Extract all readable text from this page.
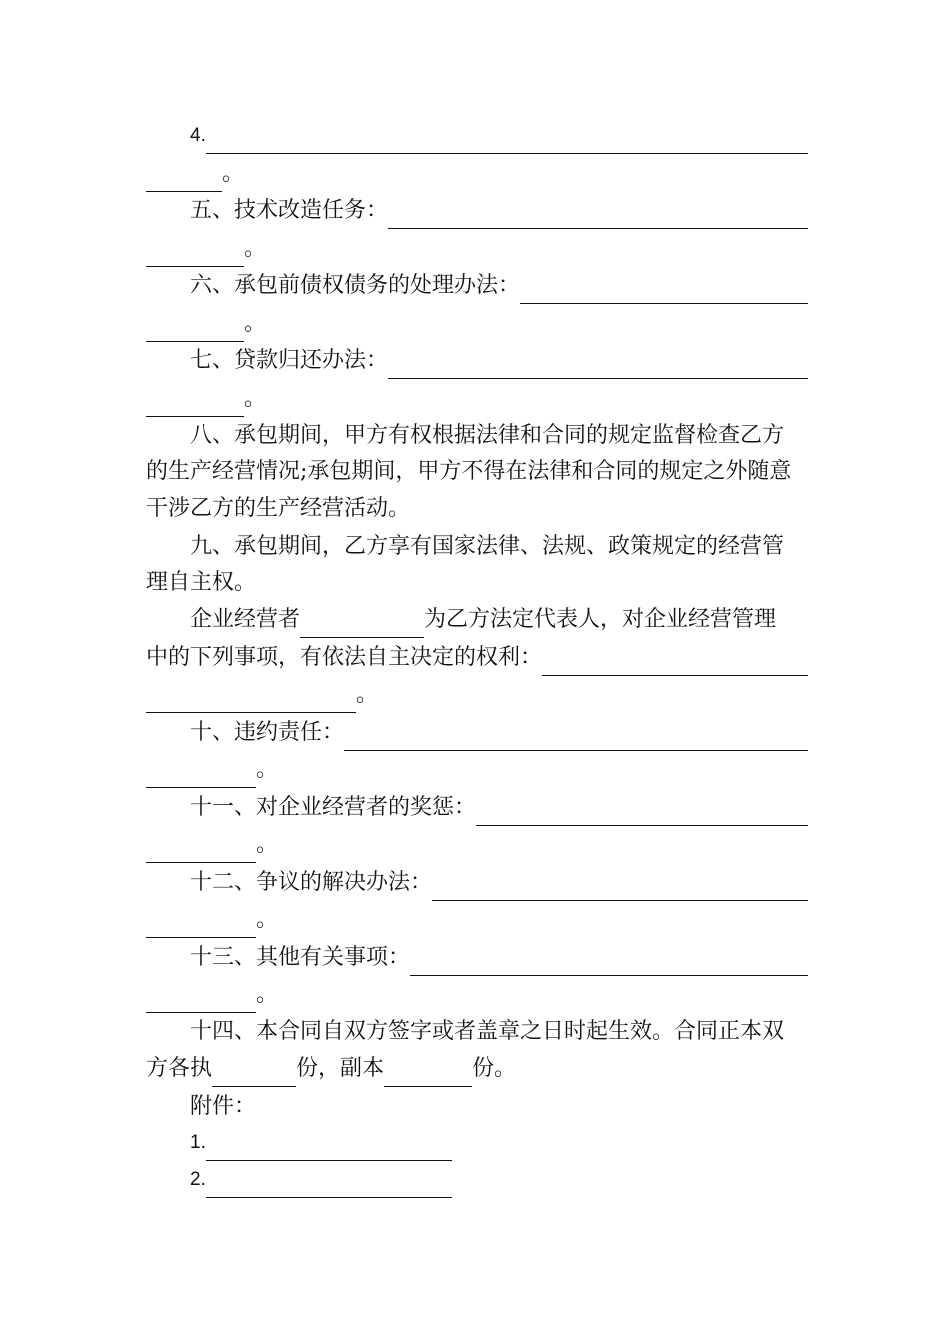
4.
。
五、技术改造任务：
。
六、承包前债权债务的处理办法：
。
七、贷款归还办法：
。
八、承包期间，甲方有权根据法律和合同的规定监督检查乙方
的生产经营情况;承包期间，甲方不得在法律和合同的规定之外随意
干涉乙方的生产经营活动。
九、承包期间，乙方享有国家法律、法规、政策规定的经营管
理自主权。
企业经营者	为乙方法定代表人，对企业经营管理
中的下列事项，有依法自主决定的权利：
。
十、违约责任：
。
十一、对企业经营者的奖惩：
。
十二、争议的解决办法：
。
十三、其他有关事项：
。
十四、本合同自双方签字或者盖章之日时起生效。合同正本双
方各执	份，副本	份。
附件：
1.
2.
